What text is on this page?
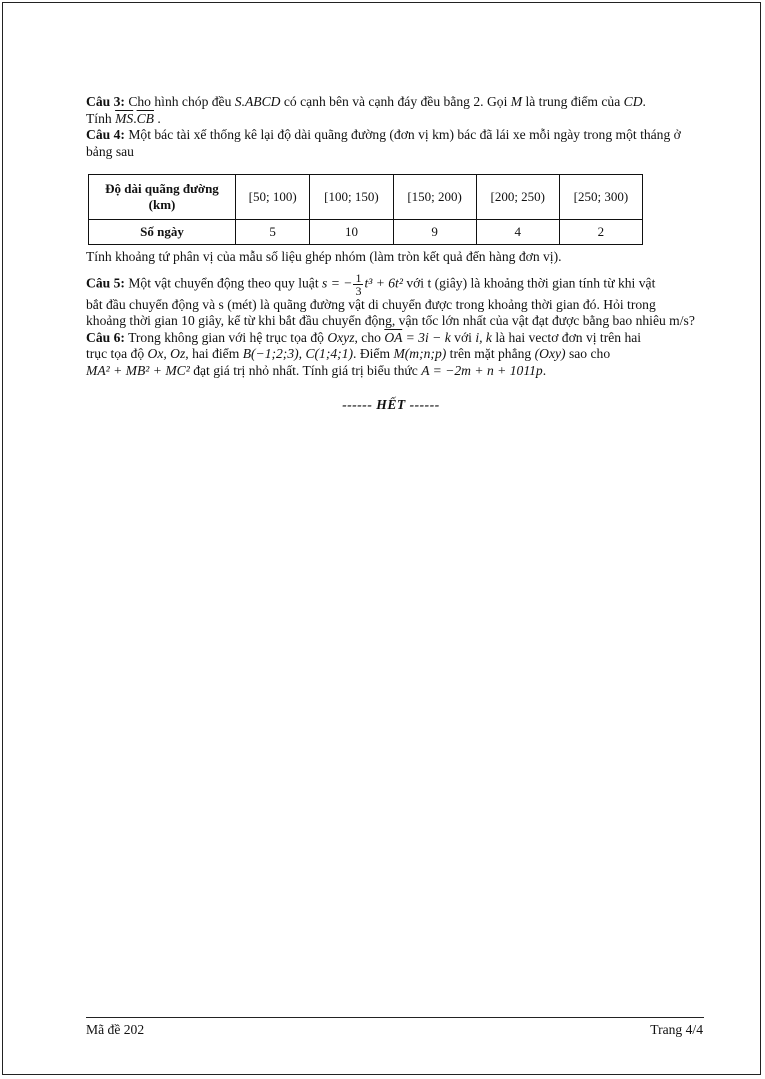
Câu 3: Cho hình chóp đều S.ABCD có cạnh bên và cạnh đáy đều bằng 2. Gọi M là trung điểm của CD.
Tính $\overline{MS}.\overline{CB}$ .

Câu 4: Một bác tài xế thống kê lại độ dài quãng đường (đơn vị km) bác đã lái xe mỗi ngày trong một tháng ở bảng sau

Độ dài quãng đường
(km)	[50; 100)	[100; 150)	[150; 200)	[200; 250)	[250; 300)
Số ngày	5	10	9	4	2

Tính khoảng tứ phân vị của mẫu số liệu ghép nhóm (làm tròn kết quả đến hàng đơn vị).

Câu 5: Một vật chuyển động theo quy luật s = − $\frac{1}{3} t^3 + 6t^2$ với t (giây) là khoảng thời gian tính từ khi vật
bắt đầu chuyển động và s (mét) là quãng đường vật di chuyển được trong khoảng thời gian đó. Hỏi trong khoảng thời gian 10 giây, kể từ khi bắt đầu chuyển động, vận tốc lớn nhất của vật đạt được bằng bao nhiêu m/s?

Câu 6: Trong không gian với hệ trục tọa độ Oxyz, cho $\overline{OA} = 3i - k$ với i, k là hai vectơ đơn vị trên hai
trục tọa độ Ox, Oz, hai điểm B(−1;2;3), C(1;4;1). Điểm M(m;n;p) trên mặt phẳng (Oxy) sao cho
MA² + MB² + MC² đạt giá trị nhỏ nhất. Tính giá trị biểu thức A = −2m + n + 1011p.

------ HẾT ------
Mã đề 202	Trang 4/4
